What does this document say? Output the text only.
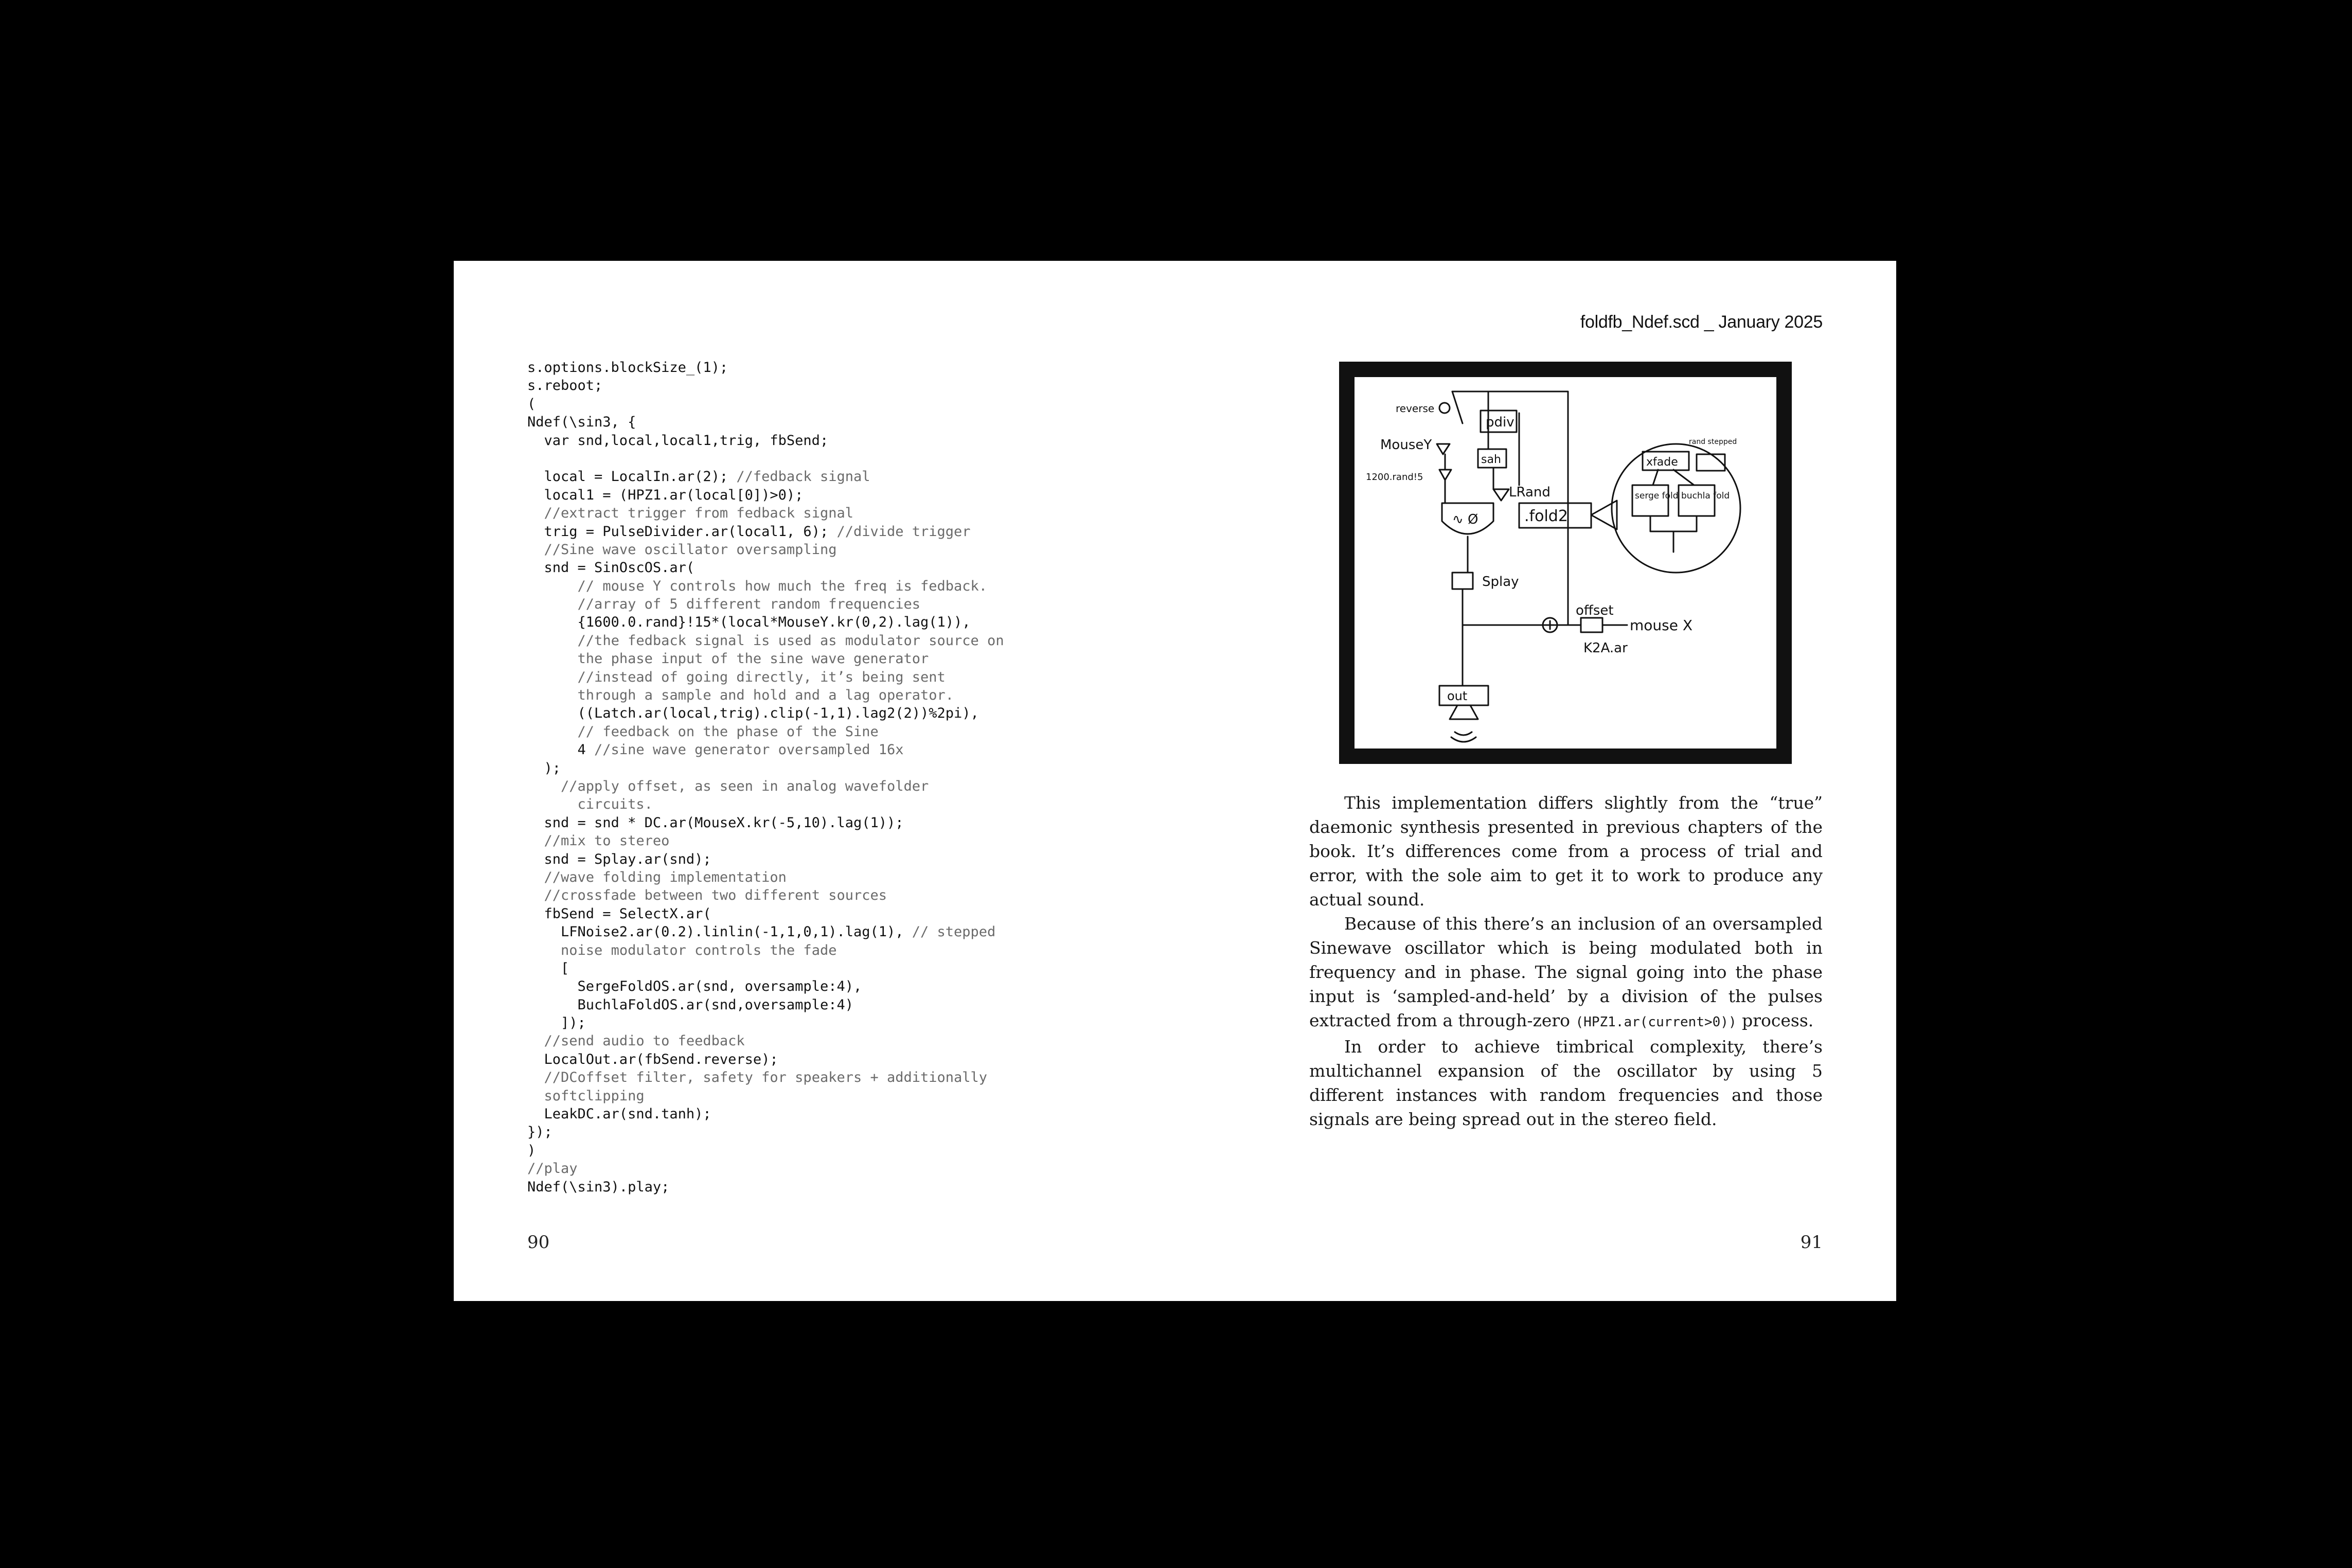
foldfb_Ndef.scd _ January 2025
s.options.blockSize_(1);
s.reboot;
(
Ndef(\sin3, {
var snd,local,local1,trig, fbSend;
local = LocalIn.ar(2); //fedback signal
local1 = (HPZ1.ar(local[0])>0);
//extract trigger from fedback signal
trig = PulseDivider.ar(local1, 6); //divide trigger
//Sine wave oscillator oversampling
snd = SinOscOS.ar(
// mouse Y controls how much the freq is fedback.
//array of 5 different random frequencies
{1600.0.rand}!15*(local*MouseY.kr(0,2).lag(1)),
//the fedback signal is used as modulator source on
the phase input of the sine wave generator
//instead of going directly, it’s being sent
through a sample and hold and a lag operator.
((Latch.ar(local,trig).clip(-1,1).lag2(2))%2pi),
// feedback on the phase of the Sine
4 //sine wave generator oversampled 16x
);
//apply offset, as seen in analog wavefolder
circuits.
snd = snd * DC.ar(MouseX.kr(-5,10).lag(1));
//mix to stereo
snd = Splay.ar(snd);
//wave folding implementation
//crossfade between two different sources
fbSend = SelectX.ar(
LFNoise2.ar(0.2).linlin(-1,1,0,1).lag(1), // stepped
noise modulator controls the fade
[
SergeFoldOS.ar(snd, oversample:4),
BuchlaFoldOS.ar(snd,oversample:4)
]);
//send audio to feedback
LocalOut.ar(fbSend.reverse);
//DCoffset filter, safety for speakers + additionally
softclipping
LeakDC.ar(snd.tanh);
});
)
//play
Ndef(\sin3).play;
reverse
MouseY
1200.rand!5
pdiv
sah
LRand
∿ Ø
Splay
.fold2
xfade
rand stepped
serge fold buchla fold
offset
mouse X
K2A.ar
out

This implementation differs slightly from the “true” daemonic synthesis presented in previous chapters of the book. It’s differences come from a process of trial and error, with the sole aim to get it to work to produce any actual sound.

Because of this there’s an inclusion of an oversampled Sinewave oscillator which is being modulated both in frequency and in phase. The signal going into the phase input is ‘sampled-and-held’ by a division of the pulses extracted from a through-zero (HPZ1.ar(current>0)) process.

In order to achieve timbrical complexity, there’s multichannel expansion of the oscillator by using 5 different instances with random frequencies and those signals are being spread out in the stereo field.

90	91
